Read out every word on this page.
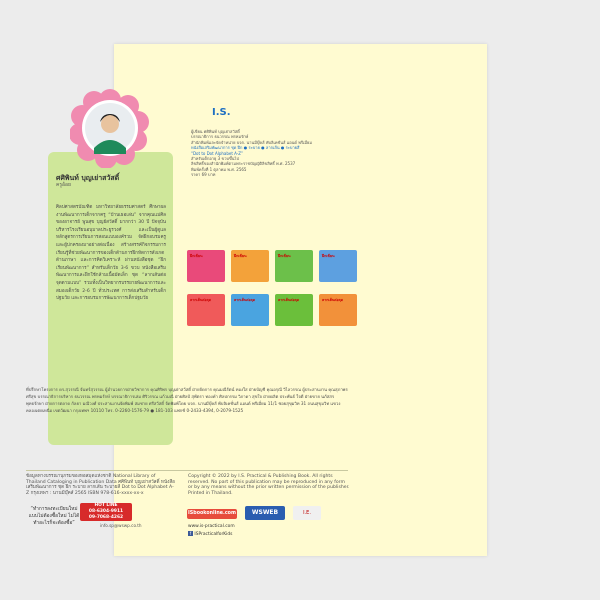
ศศิพินท์ บุญเย่าสวัสดิ์
ครูอ้อย

ศิลปศาสตรบัณฑิต มหาวิทยาลัยธรรมศาสตร์ ศึกษาผลงานพัฒนาการเด็กจากครู “บ้านเธอเล่น” จากคุณแม่ศิล ของอาจารย์ พูนสุข บุญย์สวัสดิ์ มากกว่า 30 ปี ปัจจุบันบริหารโรงเรียนอนุบาลประยูรวงศ์ และเป็นผู้ดูแลหลักสูตรการเรียนการสอนแบบองค์รวม จัดฝึกอบรมครูและผู้ปกครองมาอย่างต่อเนื่อง สร้างสรรค์กิจกรรมการเรียนรู้ที่ช่วยพัฒนาการของเด็กด้านการฝึกหัดการสังเกต ด้านภาษา และการคิดวิเคราะห์ ผ่านหนังสือชุด “ฝึกเรียนพัฒนาการ” สำหรับเด็กวัย 3-6 ขวบ หนังสือเสริมพัฒนาการและฝึกใช้กล้ามเนื้อมัดเล็ก ชุด “ลากเส้นต่อจุดตามแบบ” รวมทั้งเป็นวิทยากรบรรยายพัฒนาการและสมองเด็กวัย 2-6 ปี ทั่วประเทศ การส่งเสริมสำหรับเด็กปฐมวัย และการอบรมการพัฒนาการเด็กปฐมวัย

I.S.
ผู้เขียน ศศิพินท์ บุญเย่าสวัสดิ์
บรรณาธิการ ธนวรรณ พรหมรักษ์
สำนักพิมพ์และจัดจำหน่าย บจก. นานมีบุ๊คส์ พับลิเคชั่นส์ แอนด์ พรีเมี่ยม
หนังสือเสริมพัฒนาการ ชุด ฝึก ● ระบาย ● ลากเส้น ● ระบายสี
“Dot to Dot Alphabet A-Z”
สำหรับเด็กอายุ 3 ขวบขึ้นไป
ลิขสิทธิ์ของสำนักพิมพ์ตามพระราชบัญญัติลิขสิทธิ์ พ.ศ. 2537
พิมพ์ครั้งที่ 1 ตุลาคม พ.ศ. 2565
ราคา 69 บาท
ฝึกเขียน	ฝึกเขียน	ฝึกเขียน	ฝึกเขียน
ลากเส้นต่อจุด	ลากเส้นต่อจุด	ลากเส้นต่อจุด	ลากเส้นต่อจุด

ที่ปรึกษาโครงการ ดร.สุวรรณี จันทร์สุวรรณ ผู้อำนวยการฝ่ายวิชาการ คุณศิริพร บุญเย่าสวัสดิ์ ฝ่ายจัดการ คุณมณีรัตน์ ทองใส ฝ่ายบัญชี คุณอรุณี วิไลวรรณ ผู้ประสานงาน คุณสุภาพร ศรีสุข บรรณาธิการบริหาร ธนวรรณ พรหมรักษ์ บรรณาธิการเล่ม ศิริวรรณ แก้วมณี ฝ่ายศิลป์ สุพัตรา ทองคำ ศิลปกรรม วิภาดา สุขใจ ฝ่ายผลิต ประพันธ์ ใจดี ฝ่ายขาย นภัสสร พุทธรักษา ฝ่ายการตลาด กัลยา มณีวงศ์ ประสานงานจัดพิมพ์ สมชาย ศรีสวัสดิ์ จัดพิมพ์โดย บจก. นานมีบุ๊คส์ พับลิเคชั่นส์ แอนด์ พรีเมี่ยม 11/1 ซอยสุขุมวิท 31 ถนนสุขุมวิท แขวงคลองเตยเหนือ เขตวัฒนา กรุงเทพฯ 10110 โทร. 0-2260-1576-79 ● 181-103 แฟกซ์ 0-2433-4394, 0-2079-1525

ข้อมูลทางบรรณานุกรมของหอสมุดแห่งชาติ National Library of Thailand Cataloging in Publication Data ศศิพินท์ บุญเย่าสวัสดิ์ หนังสือเสริมพัฒนาการ ชุด ฝึก ระบาย ลากเส้น ระบายสี Dot to Dot Alphabet A-Z กรุงเทพฯ : นานมีบุ๊คส์ 2565 ISBN 978-616-xxxx-xx-x
Copyright © 2022 by I.S. Practical & Publishing Book. All rights reserved. No part of this publication may be reproduced in any form or by any means without the prior written permission of the publisher. Printed in Thailand.
“ทำการลงทะเบียนใหม่แบบไม่ต้องซื้อใหม่ ไม่ได้ทำอะไรก็จะต้องซื้อ”
HOT LINE
08-6304-9911
09-7068-4262
info.sp@wswp.co.th
ISbookonline.com	WSWEB	I.E.
f ISPracticalforKids
www.is-practical.com
